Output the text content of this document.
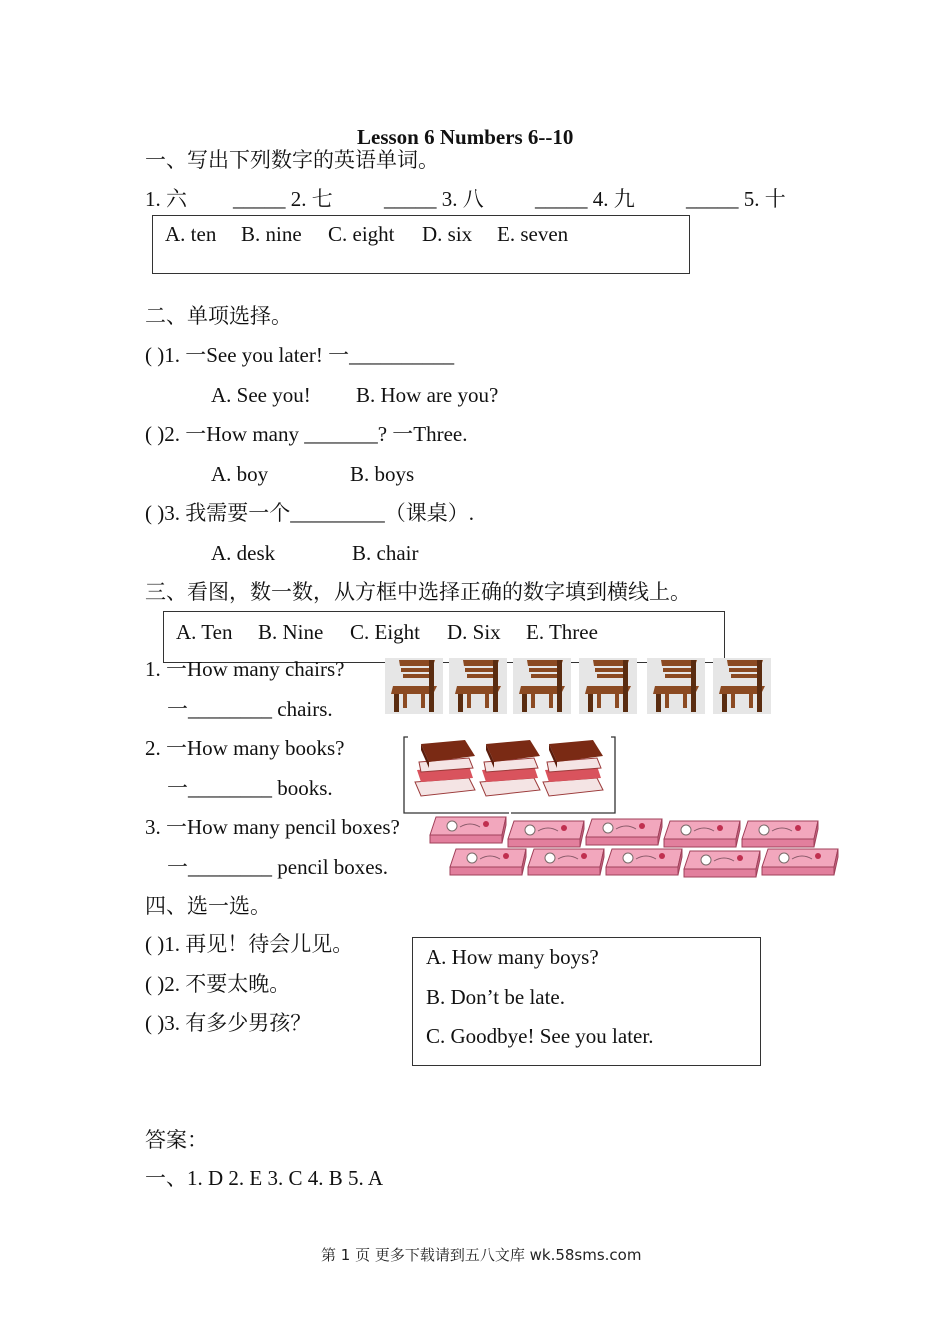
Lesson 6 Numbers 6--10
一、写出下列数字的英语单词。
1. 六 _____ 2. 七 _____ 3. 八 _____ 4. 九 _____ 5. 十
A. ten B. nine C. eight D. six E. seven
二、单项选择。
( )1. 一See you later! 一__________
A. See you! B. How are you?
( )2. 一How many _______? 一Three.
A. boy	B. boys
( )3. 我需要一个_________（课桌）.
A. desk	B. chair
三、看图，数一数，从方框中选择正确的数字填到横线上。
A. Ten B. Nine C. Eight D. Six E. Three
1. 一How many chairs?
一________ chairs.
2. 一How many books?
一________ books.
3. 一How many pencil boxes?
一________ pencil boxes.
四、选一选。
( )1. 再见！待会儿见。
( )2. 不要太晚。
( )3. 有多少男孩？
A. How many boys?
B. Don’t be late.
C. Goodbye! See you later.
答案：
一、1. D 2. E 3. C 4. B 5. A
第 1 页 更多下载请到五八文库 wk.58sms.com
